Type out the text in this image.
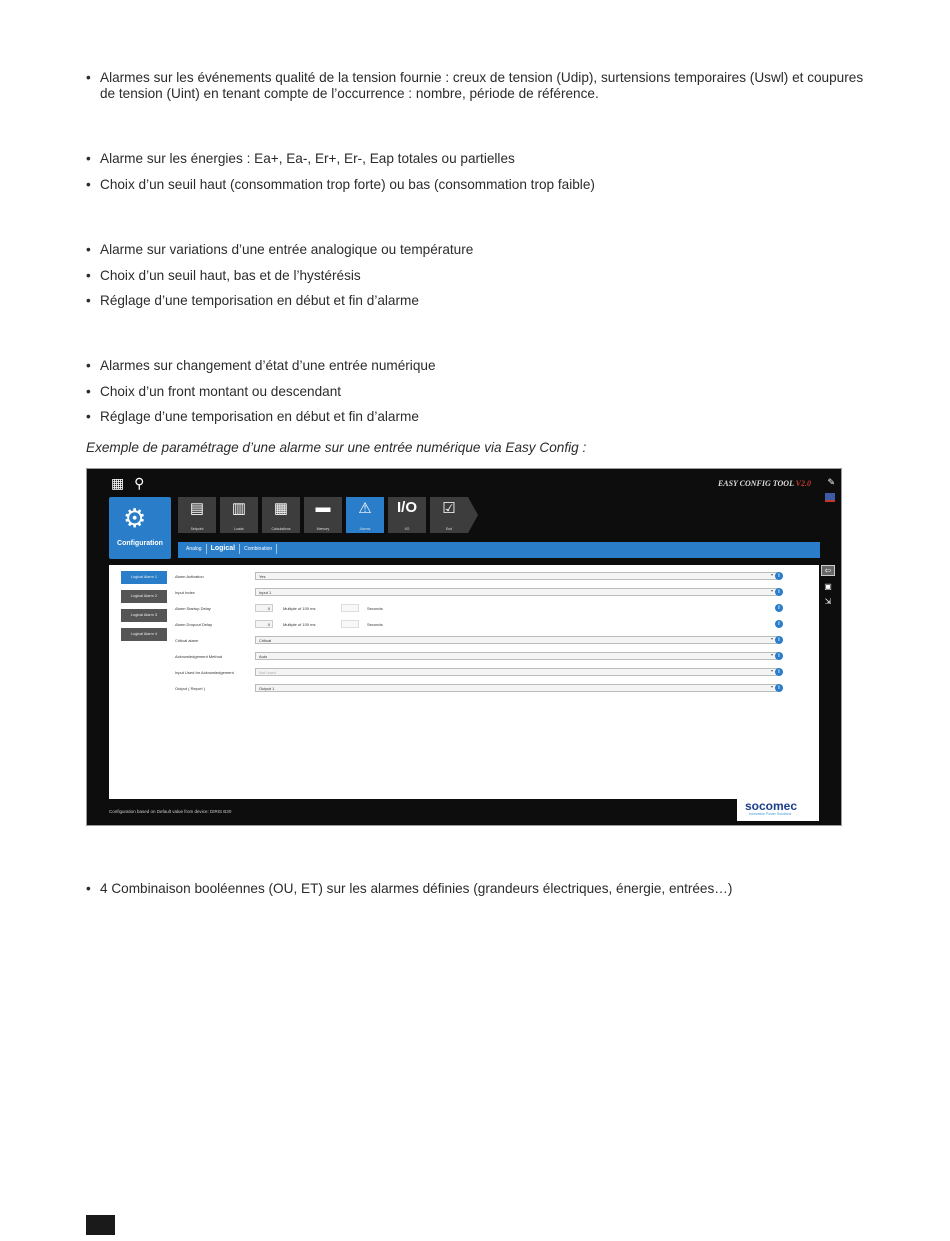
• Alarmes sur les événements qualité de la tension fournie : creux de tension (Udip), surtensions temporaires (Uswl) et coupures de tension (Uint) en tenant compte de l’occurrence : nombre, période de référence.

• Alarme sur les énergies : Ea+, Ea-, Er+, Er-, Eap totales ou partielles

• Choix d’un seuil haut (consommation trop forte) ou bas (consommation trop faible)

• Alarme sur variations d’une entrée analogique ou température

• Choix d’un seuil haut, bas et de l’hystérésis

• Réglage d’une temporisation en début et fin d’alarme

• Alarmes sur changement d’état d’une entrée numérique

• Choix d’un front montant ou descendant

• Réglage d’une temporisation en début et fin d’alarme

Exemple de paramétrage d’une alarme sur une entrée numérique via Easy Config :
▦ ⚲	EASY CONFIG TOOL V2.0 ✎
⚙
Configuration
▤
Setpoint
▥
Loads
▦
Calculations
▬
Memory
⚠
Alarms
I/O
I/O
☑
End
Analog	Logical	Combination
⇦
▣
⇲
Logical Alarm 1
Logical Alarm 2
Logical Alarm 3
Logical Alarm 4
Alarm Activation	Yes	▾	i
Input Index	Input 1	▾	i
Alarm Startup Delay	0	Multiple of 100 ms	Seconds	i
Alarm Dropout Delay	0	Multiple of 100 ms	Seconds	i
Critical alarm	Critical	▾	i
Acknowledgement Method	Auto	▾	i
Input Used for Acknowledgement	Not Used	▾	i
Output ( Report )	Output 1	▾	i
Configuration based on Default value from device: DIRIS B30	socomec
Innovative Power Solutions

• 4 Combinaison booléennes (OU, ET) sur les alarmes définies (grandeurs électriques, énergie, entrées…)
